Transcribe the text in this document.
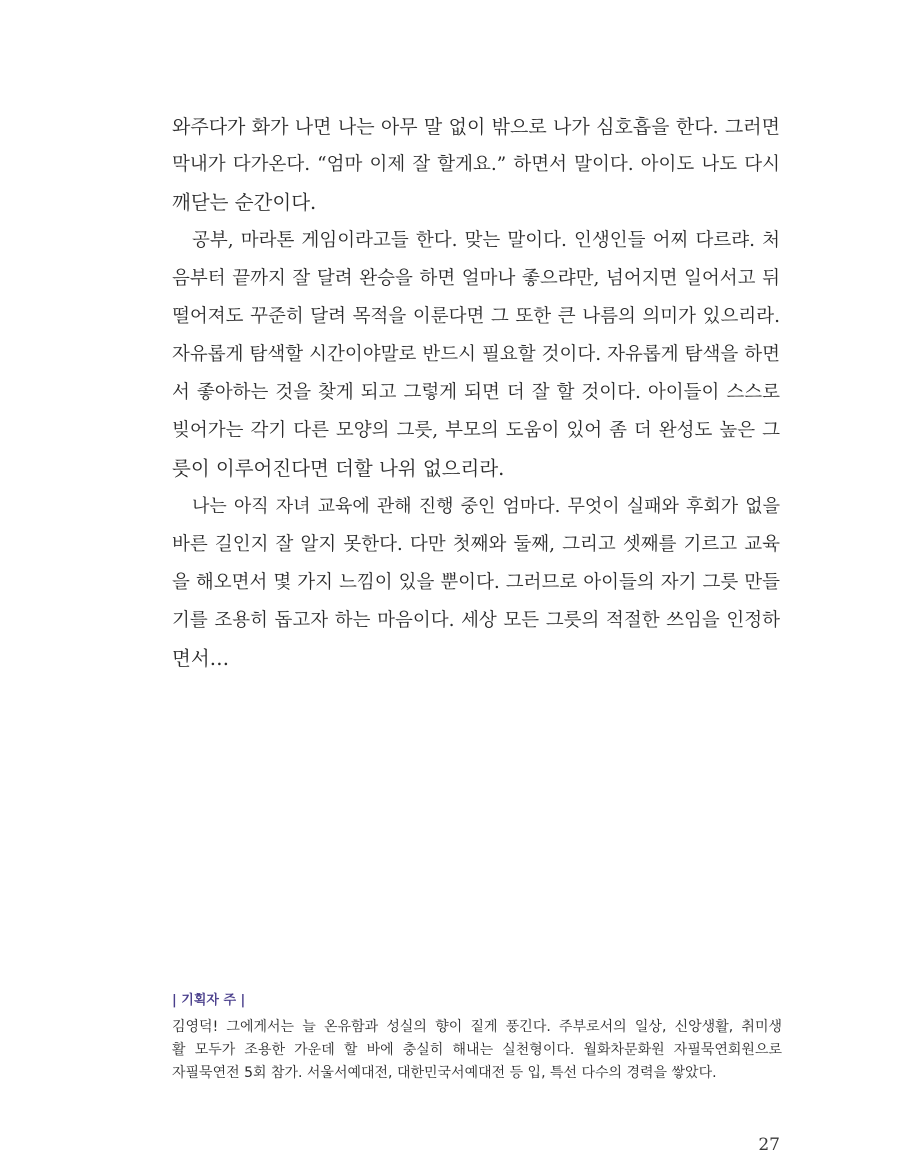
와주다가 화가 나면 나는 아무 말 없이 밖으로 나가 심호흡을 한다. 그러면
막내가 다가온다. “엄마 이제 잘 할게요.” 하면서 말이다. 아이도 나도 다시
깨닫는 순간이다.
공부, 마라톤 게임이라고들 한다. 맞는 말이다. 인생인들 어찌 다르랴. 처
음부터 끝까지 잘 달려 완승을 하면 얼마나 좋으랴만, 넘어지면 일어서고 뒤
떨어져도 꾸준히 달려 목적을 이룬다면 그 또한 큰 나름의 의미가 있으리라.
자유롭게 탐색할 시간이야말로 반드시 필요할 것이다. 자유롭게 탐색을 하면
서 좋아하는 것을 찾게 되고 그렇게 되면 더 잘 할 것이다. 아이들이 스스로
빚어가는 각기 다른 모양의 그릇, 부모의 도움이 있어 좀 더 완성도 높은 그
릇이 이루어진다면 더할 나위 없으리라.
나는 아직 자녀 교육에 관해 진행 중인 엄마다. 무엇이 실패와 후회가 없을
바른 길인지 잘 알지 못한다. 다만 첫째와 둘째, 그리고 셋째를 기르고 교육
을 해오면서 몇 가지 느낌이 있을 뿐이다. 그러므로 아이들의 자기 그릇 만들
기를 조용히 돕고자 하는 마음이다. 세상 모든 그릇의 적절한 쓰임을 인정하
면서…
| 기획자 주 |
김영덕! 그에게서는 늘 온유함과 성실의 향이 짙게 풍긴다. 주부로서의 일상, 신앙생활, 취미생
활 모두가 조용한 가운데 할 바에 충실히 해내는 실천형이다. 월화차문화원 자필묵연회원으로
자필묵연전 5회 참가. 서울서예대전, 대한민국서예대전 등 입, 특선 다수의 경력을 쌓았다.
27
